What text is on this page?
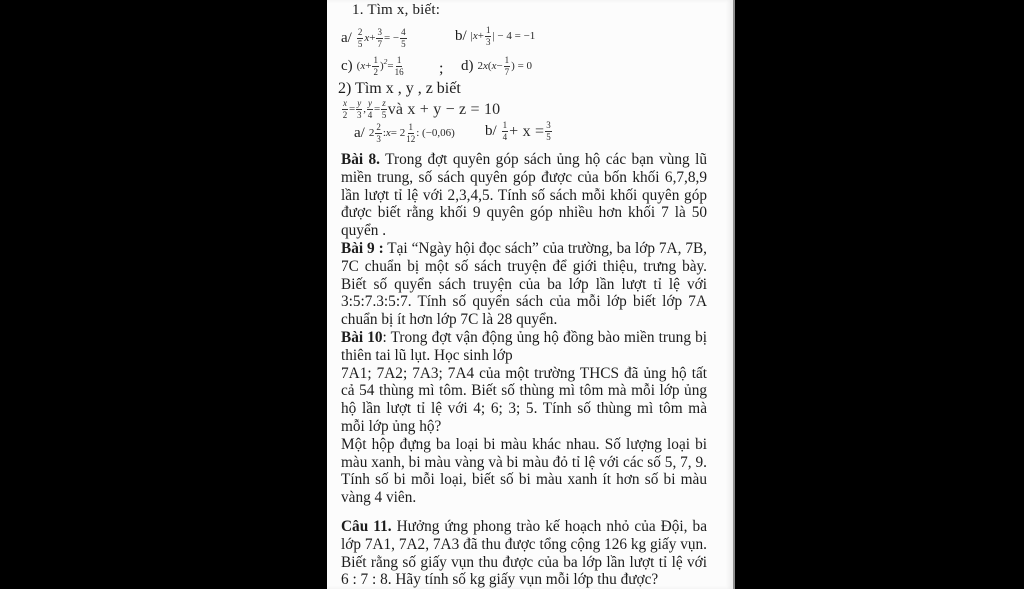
1. Tìm x, biết:
$a/ \frac{2}{5}$ $x + \frac{3}{7}$ = − $\frac{4}{5}$	b/ | $x + \frac{1}{3}$ | − 4 = −1
c) ( $x + \frac{1}{2} )^2 = \frac{1}{16}$ ; d) 2 x ( $x - \frac{1}{7}$ ) = 0
2) Tìm x , y , z biết
$\frac{x}{2} = \frac{y}{3}$ , $\frac{y}{4} = \frac{z}{5}$ và x + y − z = 10
a/ $2 \frac{2}{3}$ : $x = 2 \frac{1}{12}$ : (−0,06) $b/ \frac{1}{4} + x = \frac{3}{5}$

Bài 8. Trong đợt quyên góp sách ủng hộ các bạn vùng lũ miền trung, số sách quyên góp được của bốn khối 6,7,8,9 lần lượt tỉ lệ với 2,3,4,5. Tính số sách mỗi khối quyên góp được biết rằng khối 9 quyên góp nhiều hơn khối 7 là 50 quyển .

Bài 9 : Tại “Ngày hội đọc sách” của trường, ba lớp 7A, 7B, 7C chuẩn bị một số sách truyện để giới thiệu, trưng bày. Biết số quyển sách truyện của ba lớp lần lượt tỉ lệ với 3:5:7.3:5:7. Tính số quyển sách của mỗi lớp biết lớp 7A chuẩn bị ít hơn lớp 7C là 28 quyển.

Bài 10: Trong đợt vận động ủng hộ đồng bào miền trung bị thiên tai lũ lụt. Học sinh lớp

7A1; 7A2; 7A3; 7A4 của một trường THCS đã ủng hộ tất cả 54 thùng mì tôm. Biết số thùng mì tôm mà mỗi lớp ủng hộ lần lượt tỉ lệ với 4; 6; 3; 5. Tính số thùng mì tôm mà mỗi lớp ủng hộ?

Một hộp đựng ba loại bi màu khác nhau. Số lượng loại bi màu xanh, bi màu vàng và bi màu đỏ tỉ lệ với các số 5, 7, 9. Tính số bi mỗi loại, biết số bi màu xanh ít hơn số bi màu vàng 4 viên.

Câu 11. Hưởng ứng phong trào kế hoạch nhỏ của Đội, ba lớp 7A1, 7A2, 7A3 đã thu được tổng cộng 126 kg giấy vụn. Biết rằng số giấy vụn thu được của ba lớp lần lượt tỉ lệ với 6 : 7 : 8. Hãy tính số kg giấy vụn mỗi lớp thu được?
